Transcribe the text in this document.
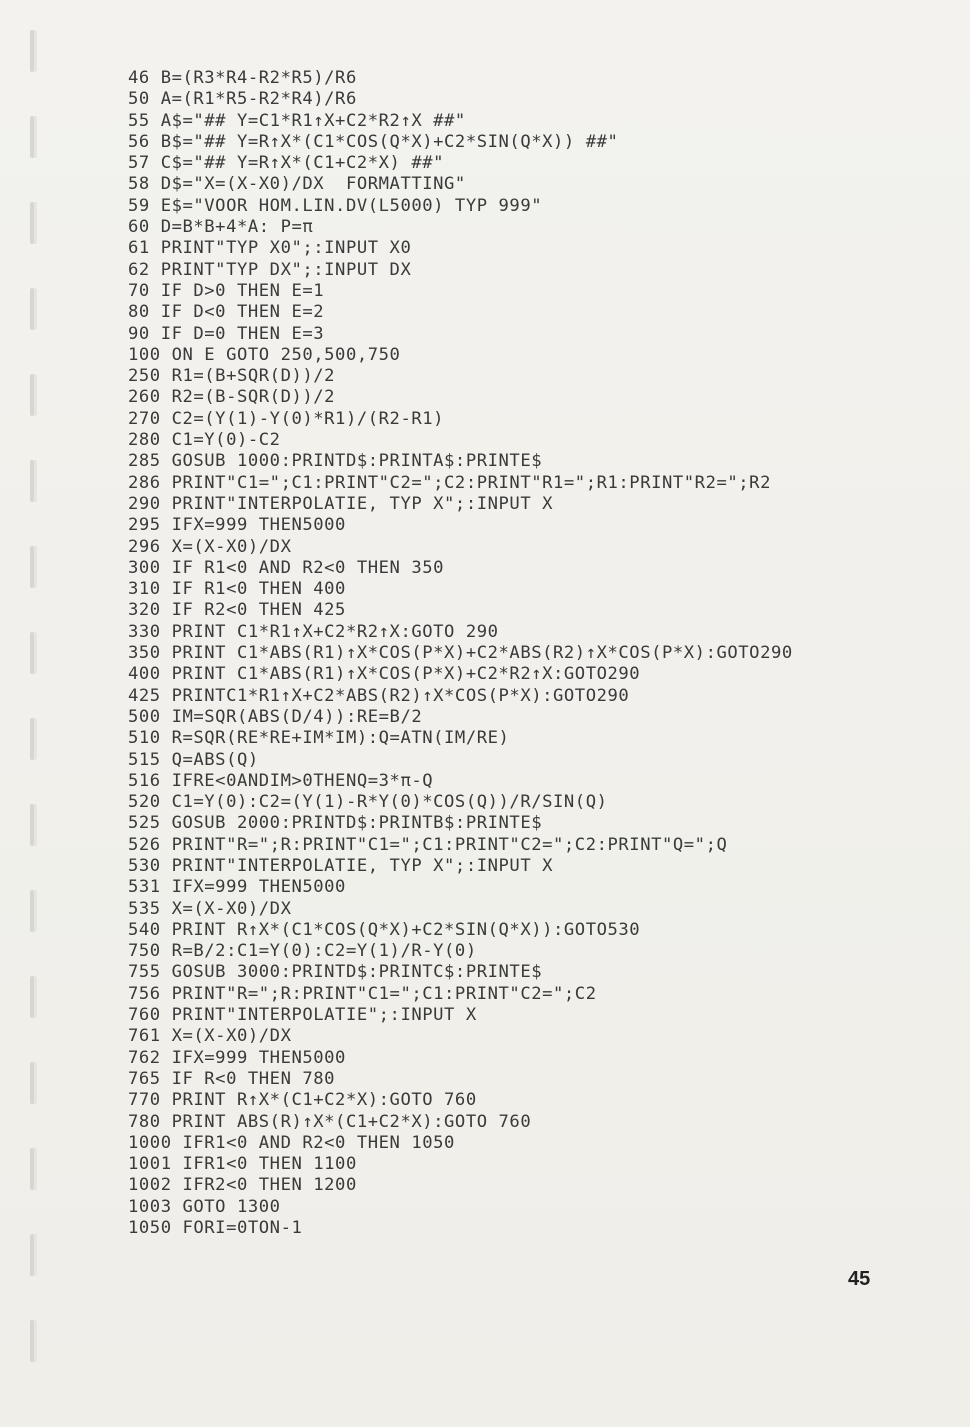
46 B=(R3*R4-R2*R5)/R6
50 A=(R1*R5-R2*R4)/R6
55 A$="## Y=C1*R1↑X+C2*R2↑X ##"
56 B$="## Y=R↑X*(C1*COS(Q*X)+C2*SIN(Q*X)) ##"
57 C$="## Y=R↑X*(C1+C2*X) ##"
58 D$="X=(X-X0)/DX  FORMATTING"
59 E$="VOOR HOM.LIN.DV(L5000) TYP 999"
60 D=B*B+4*A: P=π
61 PRINT"TYP X0";:INPUT X0
62 PRINT"TYP DX";:INPUT DX
70 IF D>0 THEN E=1
80 IF D<0 THEN E=2
90 IF D=0 THEN E=3
100 ON E GOTO 250,500,750
250 R1=(B+SQR(D))/2
260 R2=(B-SQR(D))/2
270 C2=(Y(1)-Y(0)*R1)/(R2-R1)
280 C1=Y(0)-C2
285 GOSUB 1000:PRINTD$:PRINTA$:PRINTE$
286 PRINT"C1=";C1:PRINT"C2=";C2:PRINT"R1=";R1:PRINT"R2=";R2
290 PRINT"INTERPOLATIE, TYP X";:INPUT X
295 IFX=999 THEN5000
296 X=(X-X0)/DX
300 IF R1<0 AND R2<0 THEN 350
310 IF R1<0 THEN 400
320 IF R2<0 THEN 425
330 PRINT C1*R1↑X+C2*R2↑X:GOTO 290
350 PRINT C1*ABS(R1)↑X*COS(P*X)+C2*ABS(R2)↑X*COS(P*X):GOTO290
400 PRINT C1*ABS(R1)↑X*COS(P*X)+C2*R2↑X:GOTO290
425 PRINTC1*R1↑X+C2*ABS(R2)↑X*COS(P*X):GOTO290
500 IM=SQR(ABS(D/4)):RE=B/2
510 R=SQR(RE*RE+IM*IM):Q=ATN(IM/RE)
515 Q=ABS(Q)
516 IFRE<0ANDIM>0THENQ=3*π-Q
520 C1=Y(0):C2=(Y(1)-R*Y(0)*COS(Q))/R/SIN(Q)
525 GOSUB 2000:PRINTD$:PRINTB$:PRINTE$
526 PRINT"R=";R:PRINT"C1=";C1:PRINT"C2=";C2:PRINT"Q=";Q
530 PRINT"INTERPOLATIE, TYP X";:INPUT X
531 IFX=999 THEN5000
535 X=(X-X0)/DX
540 PRINT R↑X*(C1*COS(Q*X)+C2*SIN(Q*X)):GOTO530
750 R=B/2:C1=Y(0):C2=Y(1)/R-Y(0)
755 GOSUB 3000:PRINTD$:PRINTC$:PRINTE$
756 PRINT"R=";R:PRINT"C1=";C1:PRINT"C2=";C2
760 PRINT"INTERPOLATIE";:INPUT X
761 X=(X-X0)/DX
762 IFX=999 THEN5000
765 IF R<0 THEN 780
770 PRINT R↑X*(C1+C2*X):GOTO 760
780 PRINT ABS(R)↑X*(C1+C2*X):GOTO 760
1000 IFR1<0 AND R2<0 THEN 1050
1001 IFR1<0 THEN 1100
1002 IFR2<0 THEN 1200
1003 GOTO 1300
1050 FORI=0TON-1
45
